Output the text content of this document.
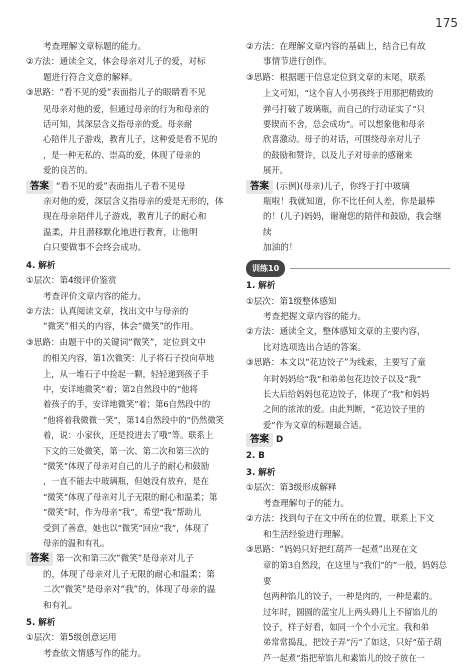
175

考查理解文章标题的能力。

②方法：通读全文，体会母亲对儿子的爱，对标

题进行符合文意的解释。

③思路：“看不见的爱”表面指儿子的眼睛看不见

见母亲对他的爱，但通过母亲的行为和母亲的

话可知，其深层含义指母亲的爱。母亲耐

心陪伴儿子游戏，教育儿子，这种爱是看不见的

，是一种无私的、崇高的爱，体现了母亲的

爱的良苦的。

答案 “看不见的爱”表面指儿子看不见母

亲对他的爱，深层含义指母亲的爱是无形的，体

现在母亲陪伴儿子游戏，教育儿子的耐心和

温柔，并且潜移默化地进行教育，让他明

白只要做事不会终会成功。

4. 解析

①层次：第4级评价鉴赏

考查评价文章内容的能力。

②方法：认真阅读文章，找出文中与母亲的

“微笑”相关的内容，体会“微笑”的作用。

③思路：由题干中的关键词“微笑”，定位到文中

的相关内容，第1次微笑：儿子将石子投向草地

上，从一堆石子中捡起一颗，轻轻递到孩子手

中，安详地微笑”着；第2自然段中的“他将

着孩子的手，安详地微笑”着；第6自然段中的

“他将着我微微一笑”，第14自然段中的“仍然微笑

着，说：小家伙，还是投进去了哦”等。联系上

下文的三处微笑，第一次、第二次和第三次的

“微笑”体现了母亲对自己的儿子的耐心和鼓励

，一直不能去中玻璃瓶，但她没有放弃，是在

“微笑”体现了母亲对儿子无限的耐心和温柔；第

“微笑”时，作为母亲“我”，希望“我”帮助儿

受到了善意，她也以“微笑”回应“我”，体现了

母亲的温和有礼。

答案 第一次和第三次“微笑”是母亲对儿子

的，体现了母亲对儿子无限的耐心和温柔；第

二次“微笑”是母亲对“我”的，体现了母亲的温

和有礼。

5. 解析

①层次：第5级创意运用

考查依文情感写作的能力。

②方法：在理解文章内容的基础上，结合已有故

事情节进行创作。

③思路：根据题干信息定位到文章的末尾，联系

上文可知，“这个盲人小男孩终于用那把精致的

弹弓打破了玻璃瓶，而自己的行动证实了“只

要锲而不舍，总会成功”。可以想象他和母亲

欣喜激动。母子的对话，可围绕母亲对儿子

的鼓励和赞许，以及儿子对母亲的感谢来

展开。

答案 (示例)(母亲)儿子，你终于打中玻璃

瓶啦！我就知道，你不比任何人差，你是最棒

的！(儿子)妈妈，谢谢您的陪伴和鼓励，我会继续

加油的！

训练10
1. 解析

①层次：第1级整体感知

考查把握文章内容的能力。

②方法：通读全文，整体感知文章的主要内容，

比对选项选出合适的答案。

③思路：本文以“花边饺子”为线索，主要写了童

年时妈妈给“我”和弟弟包花边饺子以及“我”

长大后给妈妈包花边饺子，体现了“我”和妈妈

之间的浓浓的爱。由此判断，“花边饺子里的

爱”作为文章的标题最合适。

答案 D

2. B

3. 解析

①层次：第3级形成解释

考查理解句子的能力。

②方法：找到句子在文中所在的位置，联系上下文

和生活经验进行理解。

③思路：“妈妈只好把红葫芦一起煮”出现在文

章的第3自然段，在这里与“我们”的“一般，妈妈总要

包两种馅儿的饺子，一种是肉的，一种是素的。

过年时，圆圆的蓝宝儿上两头碍儿上不留馅儿的

饺子，样子好看，如同一个个小元宝。我和弟

弟常常捣乱，把饺子弄“污”了如这，只好“茄子葫

芦一起煮”指把荤馅儿和素馅儿的饺子放在一
